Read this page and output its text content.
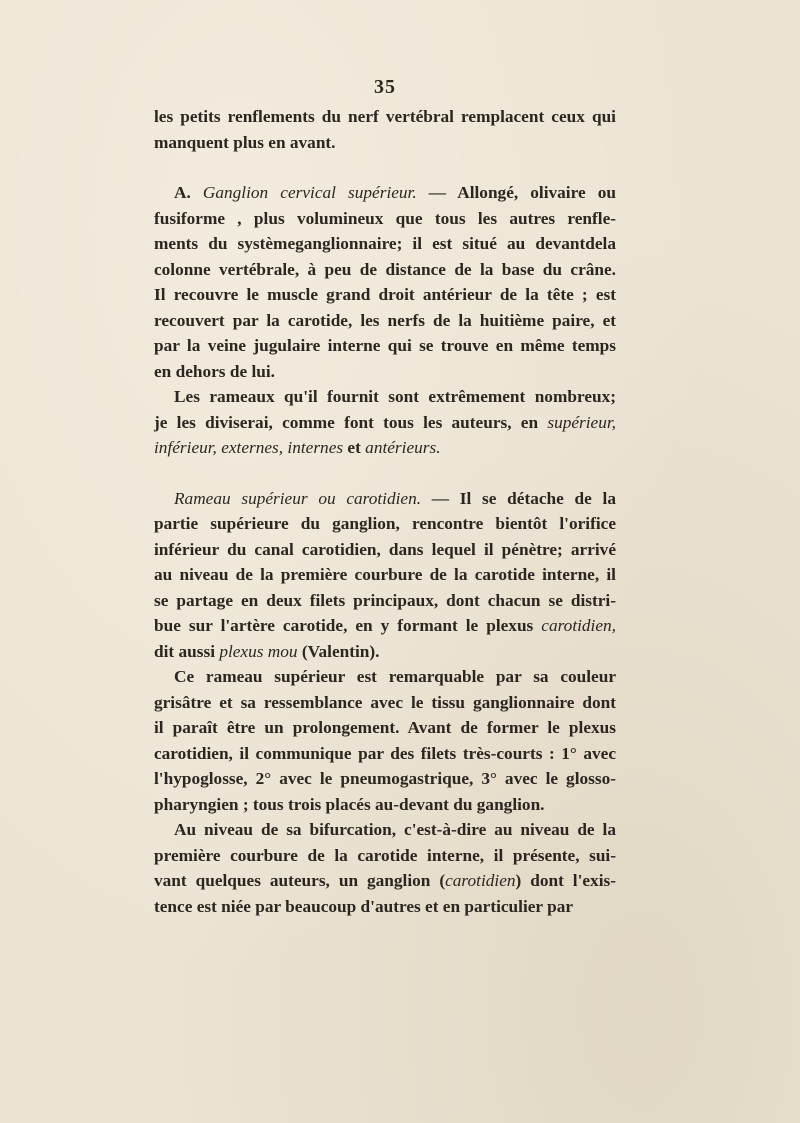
35
les petits renflements du nerf vertébral remplacent ceux qui
manquent plus en avant.
A. Ganglion cervical supérieur. — Allongé, olivaire ou
fusiforme , plus volumineux que tous les autres renfle-
ments du systèmeganglionnaire; il est situé au devantdela
colonne vertébrale, à peu de distance de la base du crâne.
Il recouvre le muscle grand droit antérieur de la tête ; est
recouvert par la carotide, les nerfs de la huitième paire, et
par la veine jugulaire interne qui se trouve en même temps
en dehors de lui.
Les rameaux qu'il fournit sont extrêmement nombreux;
je les diviserai, comme font tous les auteurs, en supérieur,
inférieur, externes, internes et antérieurs.
Rameau supérieur ou carotidien. — Il se détache de la
partie supérieure du ganglion, rencontre bientôt l'orifice
inférieur du canal carotidien, dans lequel il pénètre; arrivé
au niveau de la première courbure de la carotide interne, il
se partage en deux filets principaux, dont chacun se distri-
bue sur l'artère carotide, en y formant le plexus carotidien,
dit aussi plexus mou (Valentin).
Ce rameau supérieur est remarquable par sa couleur
grisâtre et sa ressemblance avec le tissu ganglionnaire dont
il paraît être un prolongement. Avant de former le plexus
carotidien, il communique par des filets très-courts : 1° avec
l'hypoglosse, 2° avec le pneumogastrique, 3° avec le glosso-
pharyngien ; tous trois placés au-devant du ganglion.
Au niveau de sa bifurcation, c'est-à-dire au niveau de la
première courbure de la carotide interne, il présente, sui-
vant quelques auteurs, un ganglion (carotidien) dont l'exis-
tence est niée par beaucoup d'autres et en particulier par
